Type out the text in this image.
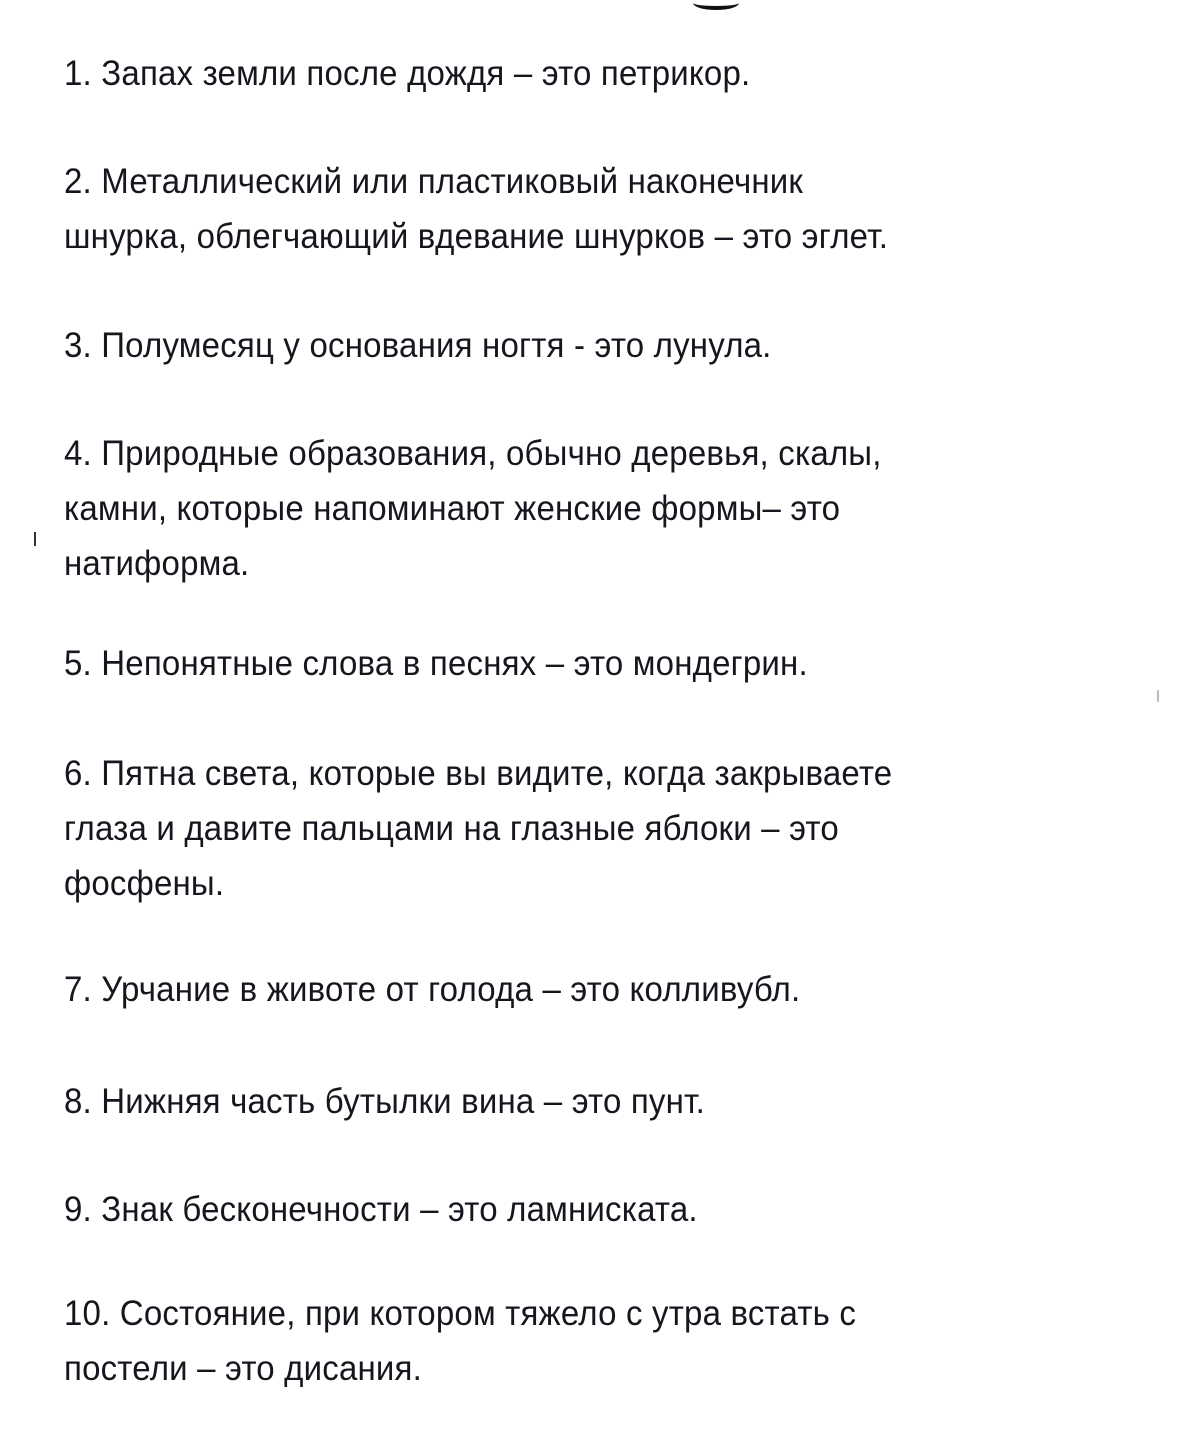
1. Запах земли после дождя – это петрикор.
2. Металлический или пластиковый наконечник
шнурка, облегчающий вдевание шнурков – это эглет.
3. Полумесяц у основания ногтя - это лунула.
4. Природные образования, обычно деревья, скалы,
камни, которые напоминают женские формы– это
натиформа.
5. Непонятные слова в песнях – это мондегрин.
6. Пятна света, которые вы видите, когда закрываете
глаза и давите пальцами на глазные яблоки – это
фосфены.
7. Урчание в животе от голода – это колливубл.
8. Нижняя часть бутылки вина – это пунт.
9. Знак бесконечности – это ламниската.
10. Состояние, при котором тяжело с утра встать с
постели – это дисания.
